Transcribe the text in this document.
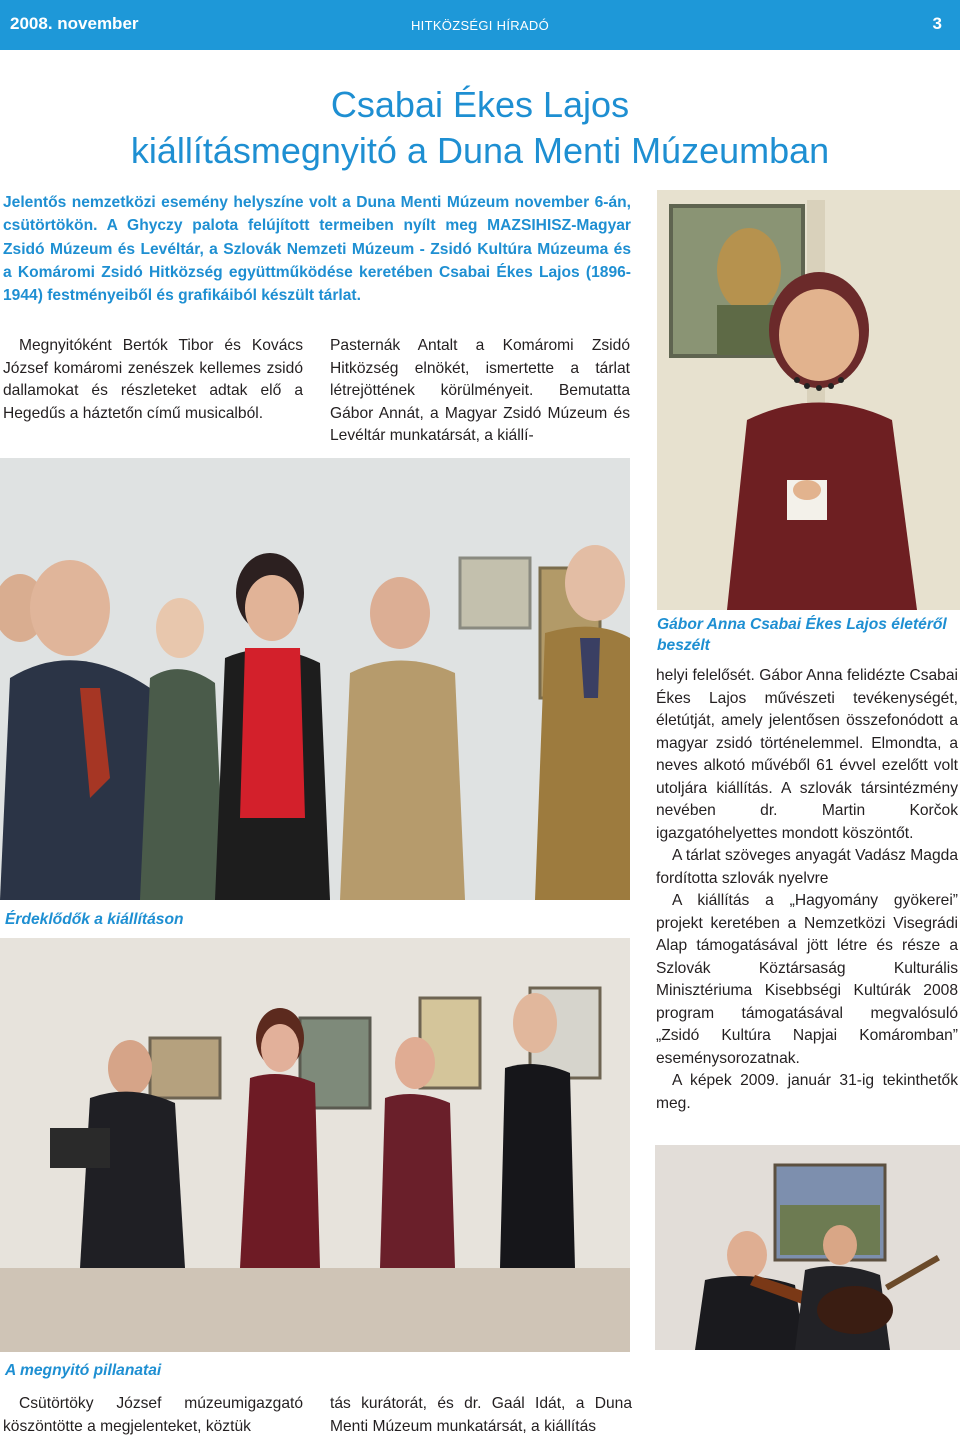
2008. november	HITKÖZSÉGI HÍRADÓ	3
Csabai Ékes Lajos
kiállításmegnyitó a Duna Menti Múzeumban
Jelentős nemzetközi esemény helyszíne volt a Duna Menti Múzeum november 6-án, csütörtökön. A Ghyczy palota felújított termeiben nyílt meg MAZSIHISZ-Magyar Zsidó Múzeum és Levéltár, a Szlovák Nemzeti Múzeum - Zsidó Kultúra Múzeuma és a Komáromi Zsidó Hitközség együttműködése keretében Csabai Ékes Lajos (1896-1944) festményeiből és grafikáiból készült tárlat.
Megnyitóként Bertók Tibor és Kovács József komáromi zenészek kellemes zsidó dallamokat és részleteket adtak elő a Hegedűs a háztetőn című musicalból.
Pasternák Antalt a Komáromi Zsidó Hitközség elnökét, ismertette a tárlat létrejöttének körülményeit. Bemutatta Gábor Annát, a Magyar Zsidó Múzeum és Levéltár munkatársát, a kiállí-
Gábor Anna Csabai Ékes Lajos életéről beszélt

helyi felelősét. Gábor Anna felidézte Csabai Ékes Lajos művészeti tevékenységét, életútját, amely jelentősen összefonódott a magyar zsidó történelemmel. Elmondta, a neves alkotó művéből 61 évvel ezelőtt volt utoljára kiállítás. A szlovák társintézmény nevében dr. Martin Korčok igazgatóhelyettes mondott köszöntőt.

A tárlat szöveges anyagát Vadász Magda fordította szlovák nyelvre

A kiállítás a „Hagyomány gyökerei” projekt keretében a Nemzetközi Visegrádi Alap támogatásával jött létre és része a Szlovák Köztársaság Kulturális Minisztériuma Kisebbségi Kultúrák 2008 program támogatásával megvalósuló „Zsidó Kultúra Napjai Komáromban” eseménysorozatnak.

A képek 2009. január 31-ig tekinthetők meg.

Érdeklődők a kiállításon
A megnyitó pillanatai
Csütörtöky József múzeumigazgató köszöntötte a megjelenteket, köztük
tás kurátorát, és dr. Gaál Idát, a Duna Menti Múzeum munkatársát, a kiállítás
